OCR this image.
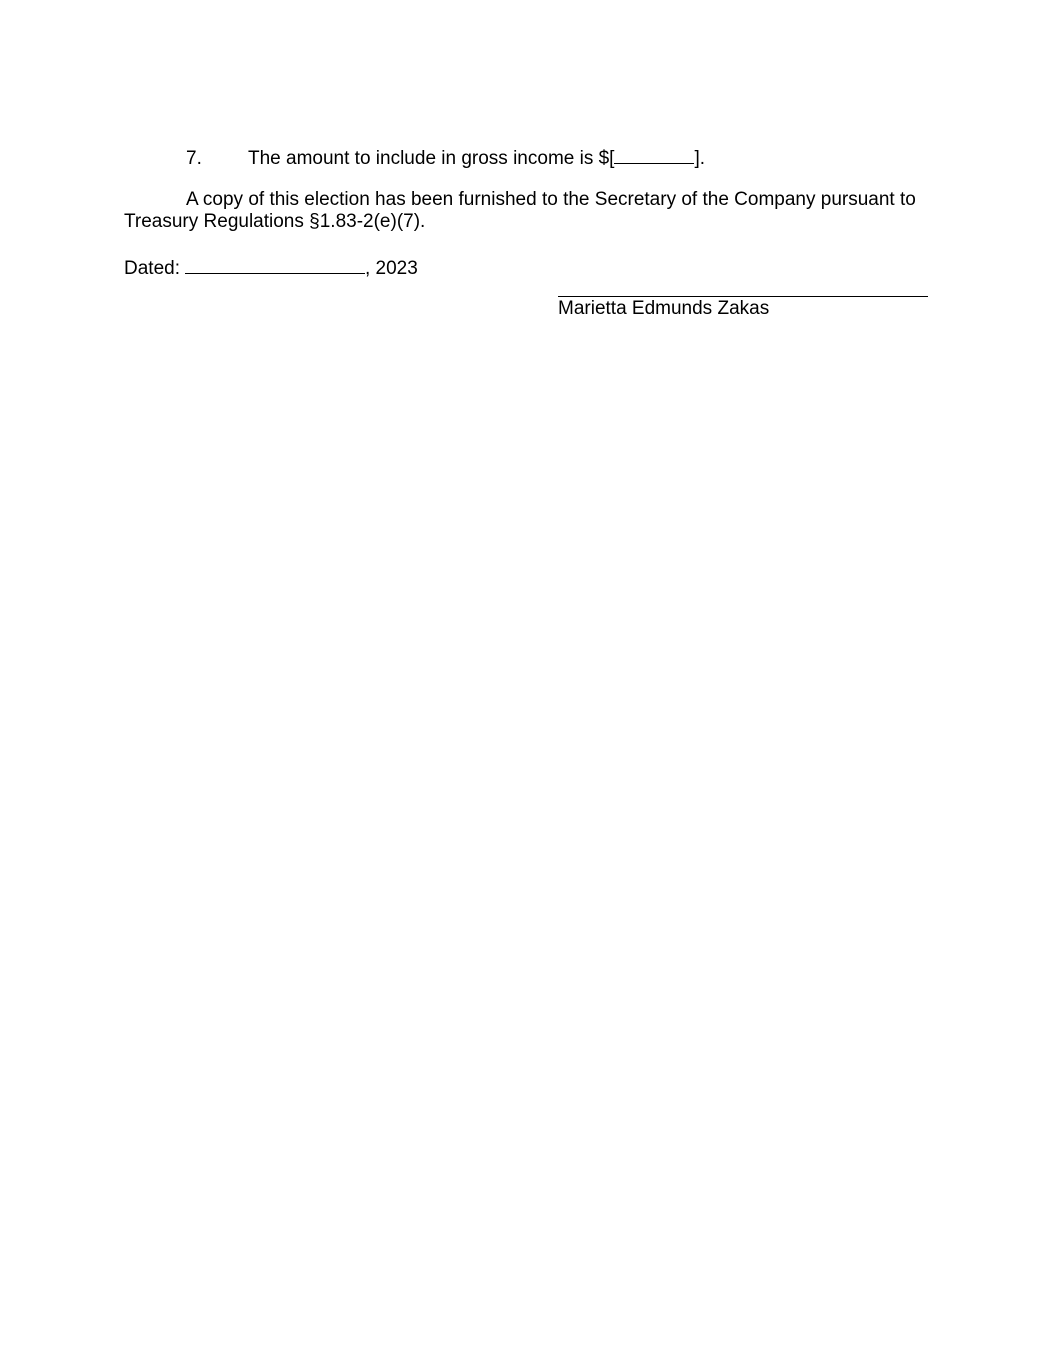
7. The amount to include in gross income is $[	].
A copy of this election has been furnished to the Secretary of the Company pursuant to Treasury Regulations §1.83-2(e)(7).
Dated:	, 2023
Marietta Edmunds Zakas
